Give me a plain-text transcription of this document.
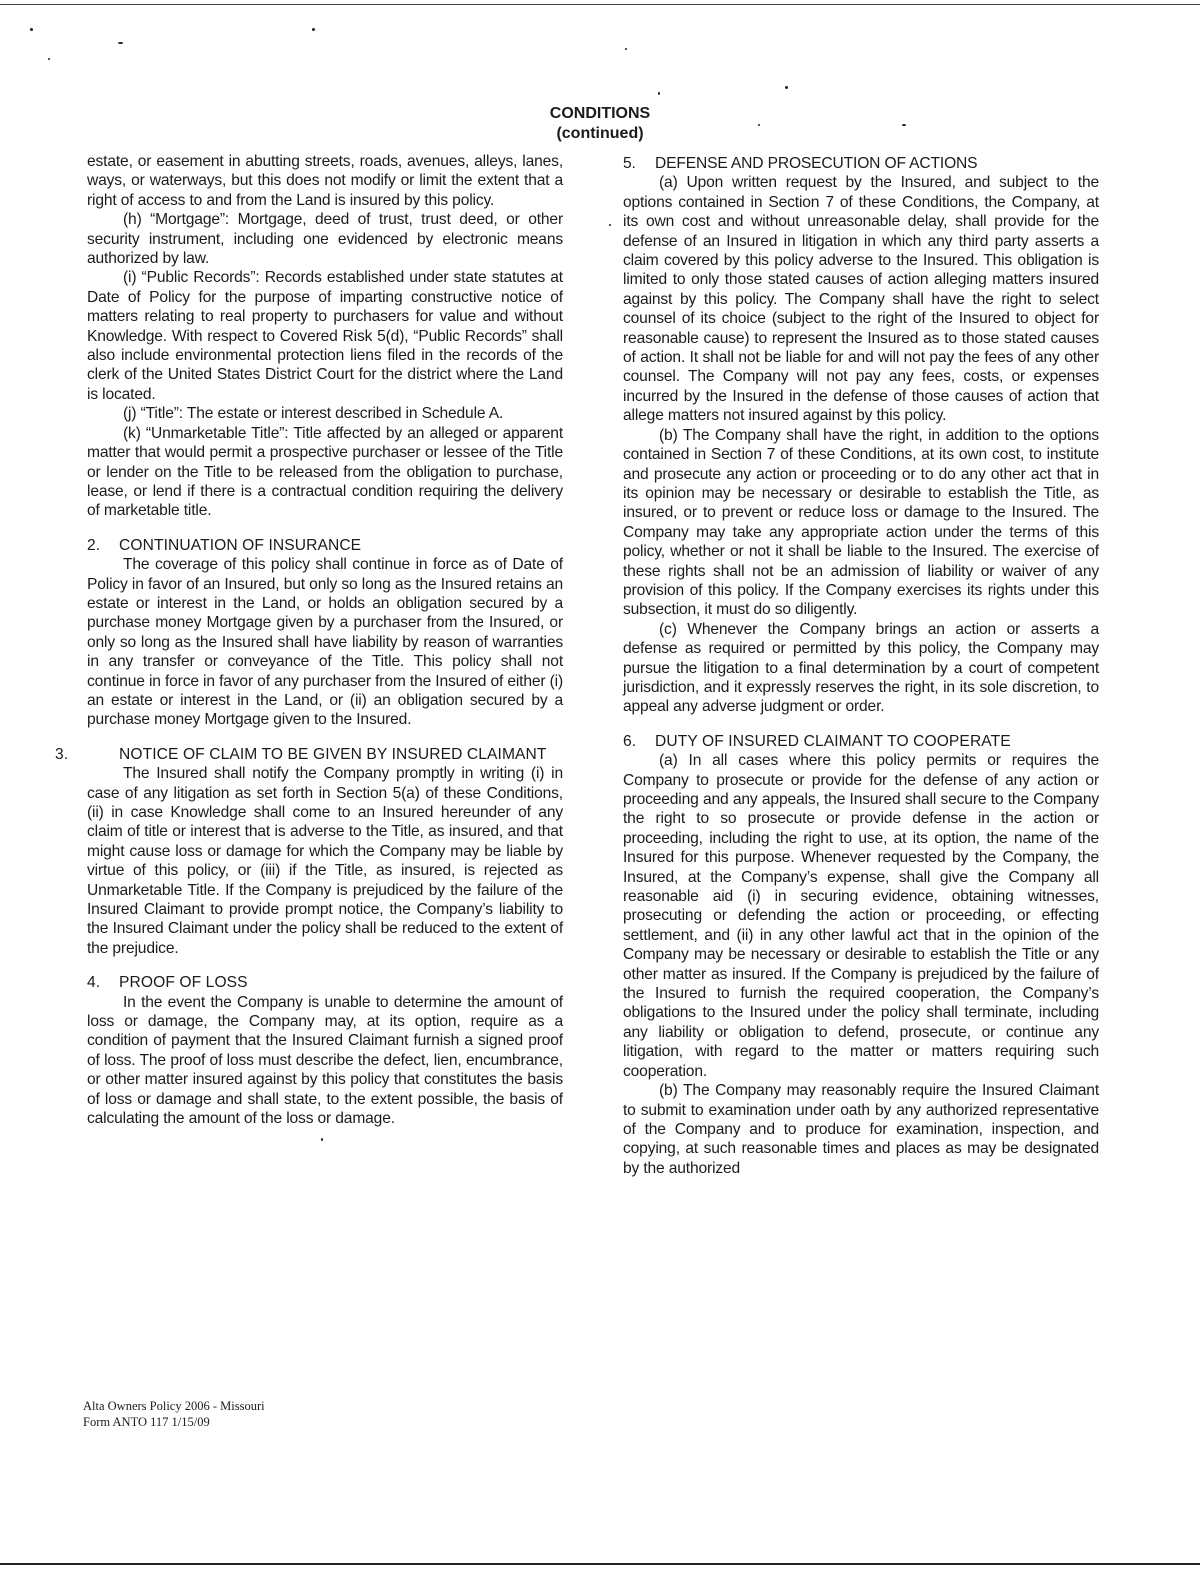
CONDITIONS
(continued)

estate, or easement in abutting streets, roads, avenues, alleys, lanes, ways, or waterways, but this does not modify or limit the extent that a right of access to and from the Land is insured by this policy.

(h) “Mortgage”: Mortgage, deed of trust, trust deed, or other security instrument, including one evidenced by electronic means authorized by law.

(i) “Public Records”: Records established under state statutes at Date of Policy for the purpose of imparting constructive notice of matters relating to real property to purchasers for value and without Knowledge. With respect to Covered Risk 5(d), “Public Records” shall also include environmental protection liens filed in the records of the clerk of the United States District Court for the district where the Land is located.

(j) “Title”: The estate or interest described in Schedule A.

(k) “Unmarketable Title”: Title affected by an alleged or apparent matter that would permit a prospective purchaser or lessee of the Title or lender on the Title to be released from the obligation to purchase, lease, or lend if there is a contractual condition requiring the delivery of marketable title.

2. CONTINUATION OF INSURANCE

The coverage of this policy shall continue in force as of Date of Policy in favor of an Insured, but only so long as the Insured retains an estate or interest in the Land, or holds an obligation secured by a purchase money Mortgage given by a purchaser from the Insured, or only so long as the Insured shall have liability by reason of warranties in any transfer or conveyance of the Title. This policy shall not continue in force in favor of any purchaser from the Insured of either (i) an estate or interest in the Land, or (ii) an obligation secured by a purchase money Mortgage given to the Insured.

3.	NOTICE OF CLAIM TO BE GIVEN BY INSURED CLAIMANT

The Insured shall notify the Company promptly in writing (i) in case of any litigation as set forth in Section 5(a) of these Conditions, (ii) in case Knowledge shall come to an Insured hereunder of any claim of title or interest that is adverse to the Title, as insured, and that might cause loss or damage for which the Company may be liable by virtue of this policy, or (iii) if the Title, as insured, is rejected as Unmarketable Title. If the Company is prejudiced by the failure of the Insured Claimant to provide prompt notice, the Company’s liability to the Insured Claimant under the policy shall be reduced to the extent of the prejudice.

4. PROOF OF LOSS

In the event the Company is unable to determine the amount of loss or damage, the Company may, at its option, require as a condition of payment that the Insured Claimant furnish a signed proof of loss. The proof of loss must describe the defect, lien, encumbrance, or other matter insured against by this policy that constitutes the basis of loss or damage and shall state, to the extent possible, the basis of calculating the amount of the loss or damage.

5. DEFENSE AND PROSECUTION OF ACTIONS

(a) Upon written request by the Insured, and subject to the options contained in Section 7 of these Conditions, the Company, at its own cost and without unreasonable delay, shall provide for the defense of an Insured in litigation in which any third party asserts a claim covered by this policy adverse to the Insured. This obligation is limited to only those stated causes of action alleging matters insured against by this policy. The Company shall have the right to select counsel of its choice (subject to the right of the Insured to object for reasonable cause) to represent the Insured as to those stated causes of action. It shall not be liable for and will not pay the fees of any other counsel. The Company will not pay any fees, costs, or expenses incurred by the Insured in the defense of those causes of action that allege matters not insured against by this policy.

(b) The Company shall have the right, in addition to the options contained in Section 7 of these Conditions, at its own cost, to institute and prosecute any action or proceeding or to do any other act that in its opinion may be necessary or desirable to establish the Title, as insured, or to prevent or reduce loss or damage to the Insured. The Company may take any appropriate action under the terms of this policy, whether or not it shall be liable to the Insured. The exercise of these rights shall not be an admission of liability or waiver of any provision of this policy. If the Company exercises its rights under this subsection, it must do so diligently.

(c) Whenever the Company brings an action or asserts a defense as required or permitted by this policy, the Company may pursue the litigation to a final determination by a court of competent jurisdiction, and it expressly reserves the right, in its sole discretion, to appeal any adverse judgment or order.

6. DUTY OF INSURED CLAIMANT TO COOPERATE

(a) In all cases where this policy permits or requires the Company to prosecute or provide for the defense of any action or proceeding and any appeals, the Insured shall secure to the Company the right to so prosecute or provide defense in the action or proceeding, including the right to use, at its option, the name of the Insured for this purpose. Whenever requested by the Company, the Insured, at the Company’s expense, shall give the Company all reasonable aid (i) in securing evidence, obtaining witnesses, prosecuting or defending the action or proceeding, or effecting settlement, and (ii) in any other lawful act that in the opinion of the Company may be necessary or desirable to establish the Title or any other matter as insured. If the Company is prejudiced by the failure of the Insured to furnish the required cooperation, the Company’s obligations to the Insured under the policy shall terminate, including any liability or obligation to defend, prosecute, or continue any litigation, with regard to the matter or matters requiring such cooperation.

(b) The Company may reasonably require the Insured Claimant to submit to examination under oath by any authorized representative of the Company and to produce for examination, inspection, and copying, at such reasonable times and places as may be designated by the authorized

Alta Owners Policy 2006 - Missouri
Form ANTO 117 1/15/09
